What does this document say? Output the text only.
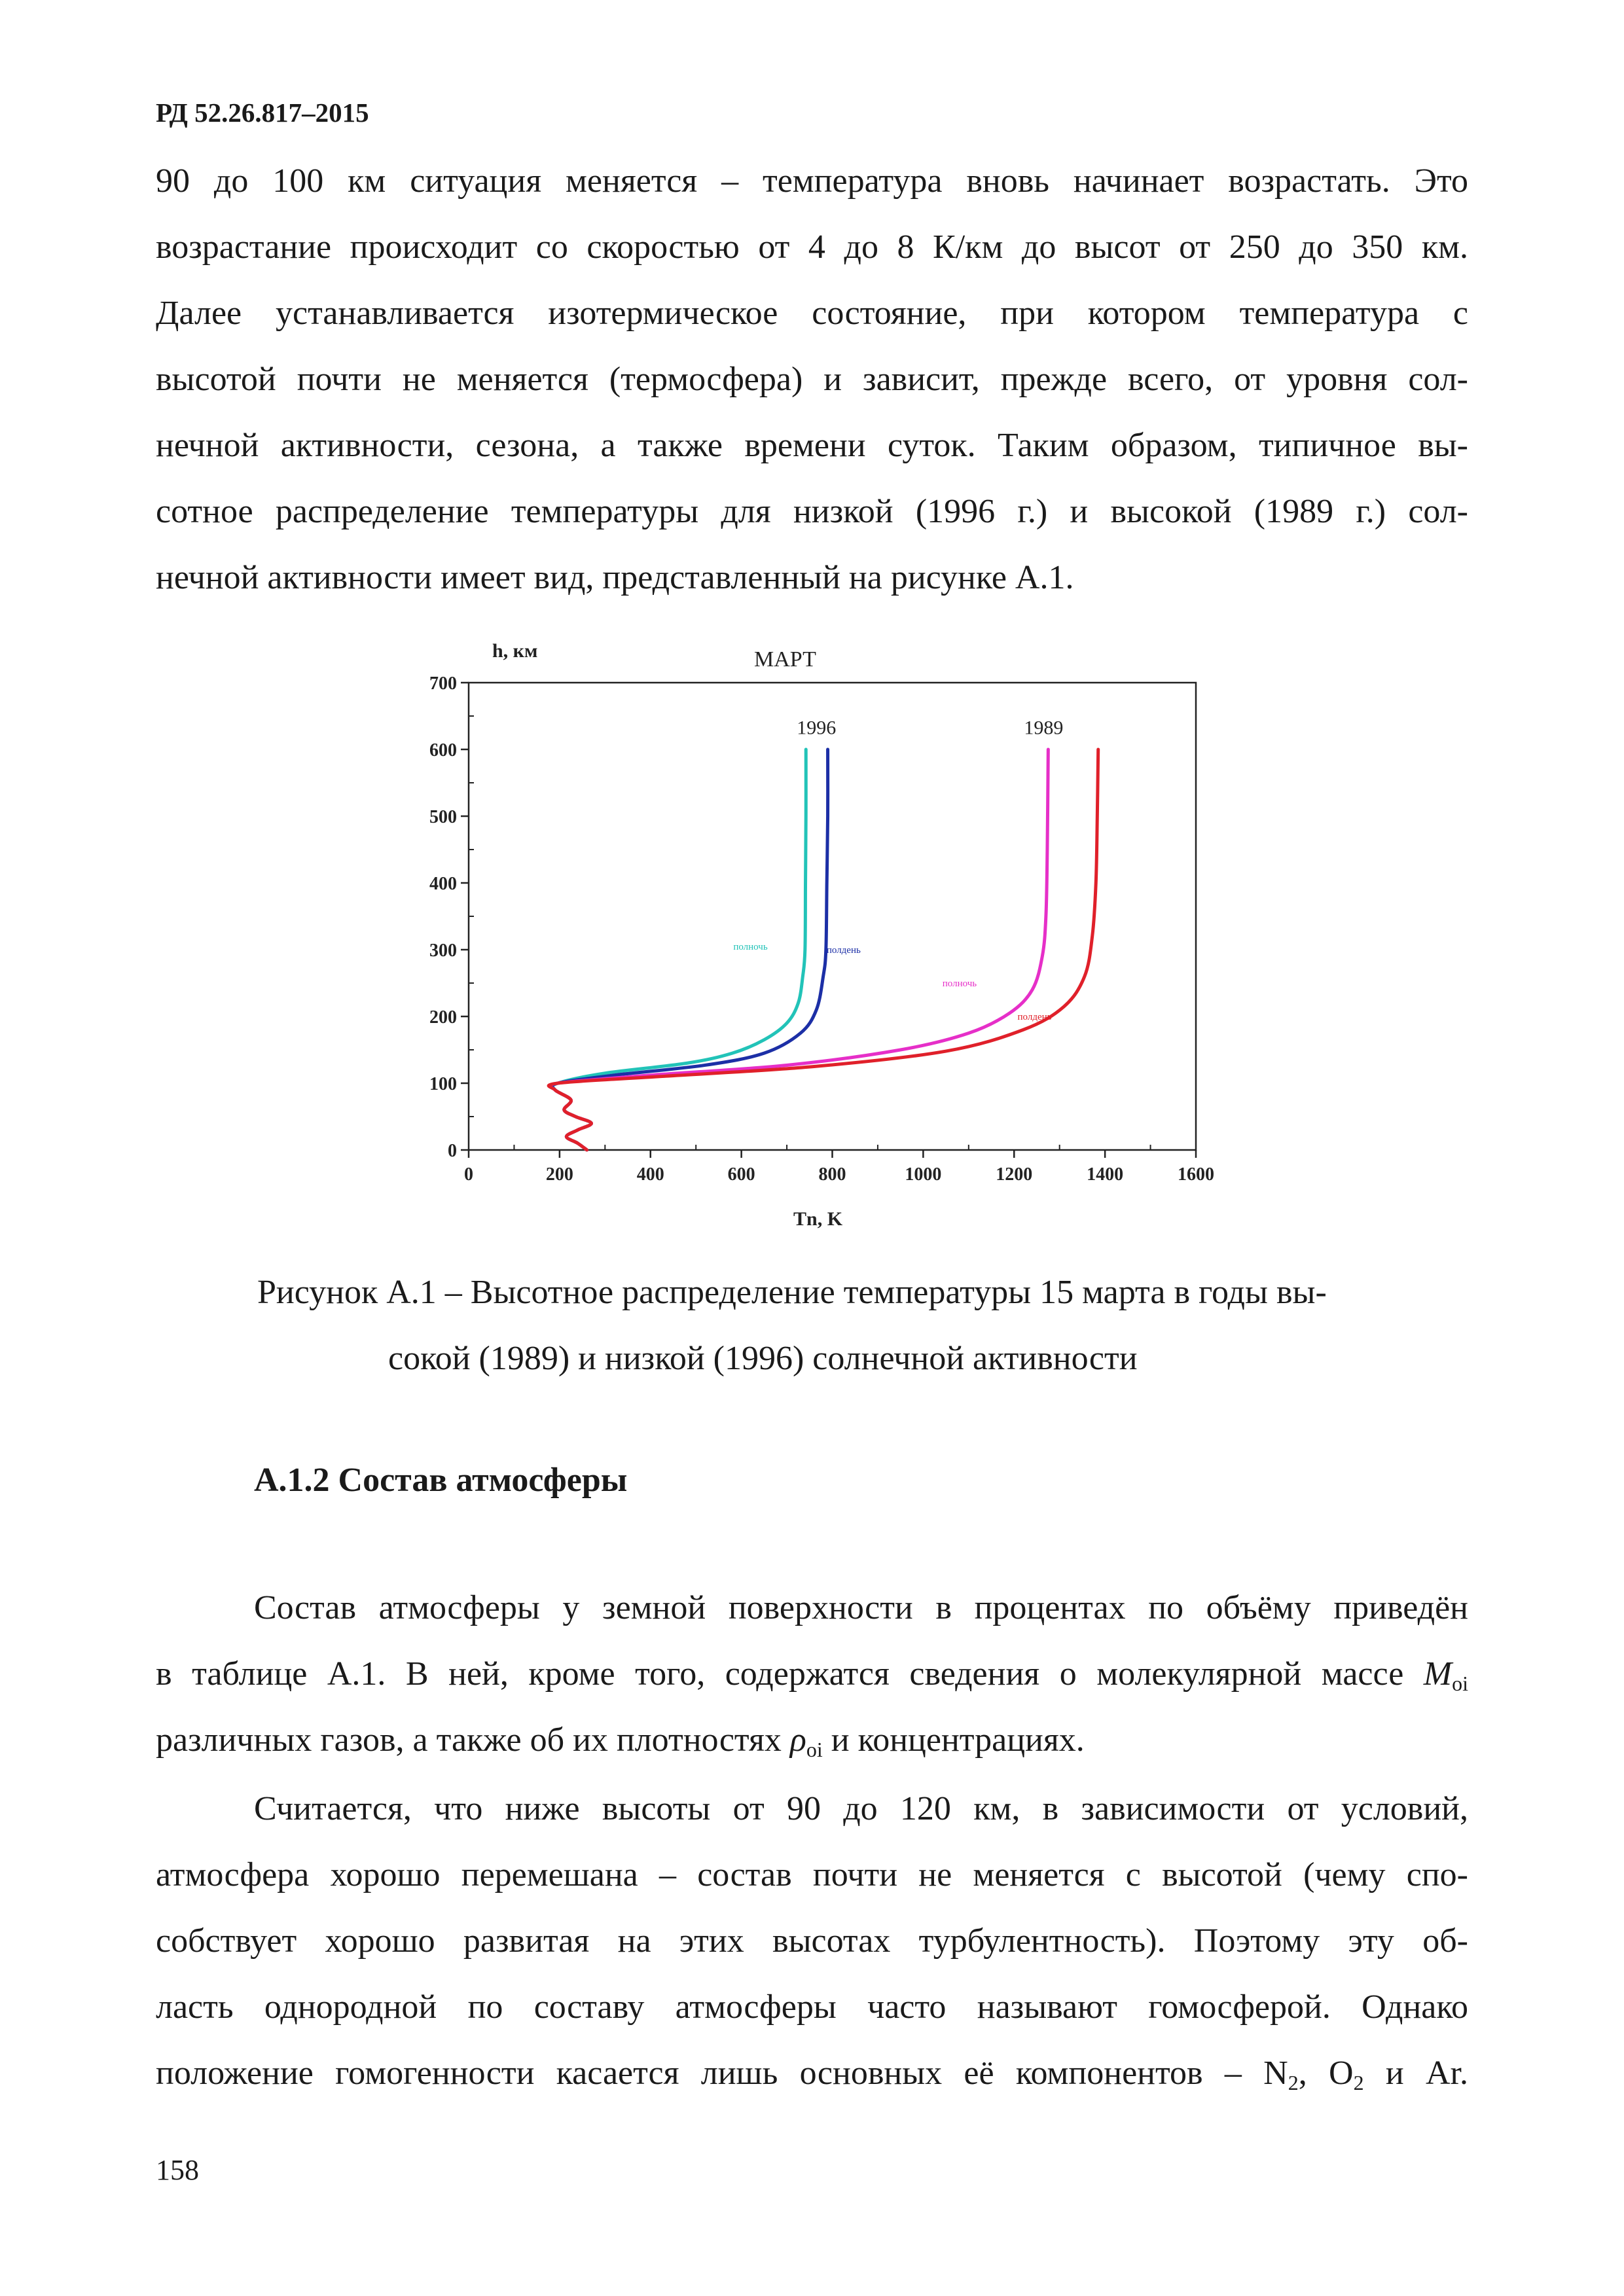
РД 52.26.817–2015

90 до 100 км ситуация меняется – температура вновь начинает возрастать. Это
возрастание происходит со скоростью от 4 до 8 К/км до высот от 250 до 350 км.
Далее устанавливается изотермическое состояние, при котором температура с
высотой почти не меняется (термосфера) и зависит, прежде всего, от уровня сол-
нечной активности, сезона, а также времени суток. Таким образом, типичное вы-
сотное распределение температуры для низкой (1996 г.) и высокой (1989 г.) сол-
нечной активности имеет вид, представленный на рисунке А.1.

h, км	МАРТ
Tn, K
0
100
200
300
400
500
600
700
0	200	400	600	800	1000	1200	1400	1600
1996	1989
полночь	полдень
полночь
полдень
Рисунок А.1 – Высотное распределение температуры 15 марта в годы вы-
сокой (1989) и низкой (1996) солнечной активности
А.1.2 Состав атмосферы

Состав атмосферы у земной поверхности в процентах по объёму приведён
в таблице А.1. В ней, кроме того, содержатся сведения о молекулярной массе $M_{oi}$
различных газов, а также об их плотностях $\rho_{oi}$ и концентрациях.

Считается, что ниже высоты от 90 до 120 км, в зависимости от условий,
атмосфера хорошо перемешана – состав почти не меняется с высотой (чему спо-
собствует хорошо развитая на этих высотах турбулентность). Поэтому эту об-
ласть однородной по составу атмосферы часто называют гомосферой. Однако
положение гомогенности касается лишь основных её компонентов – $N_2$, $O_2$ и Ar.

158
